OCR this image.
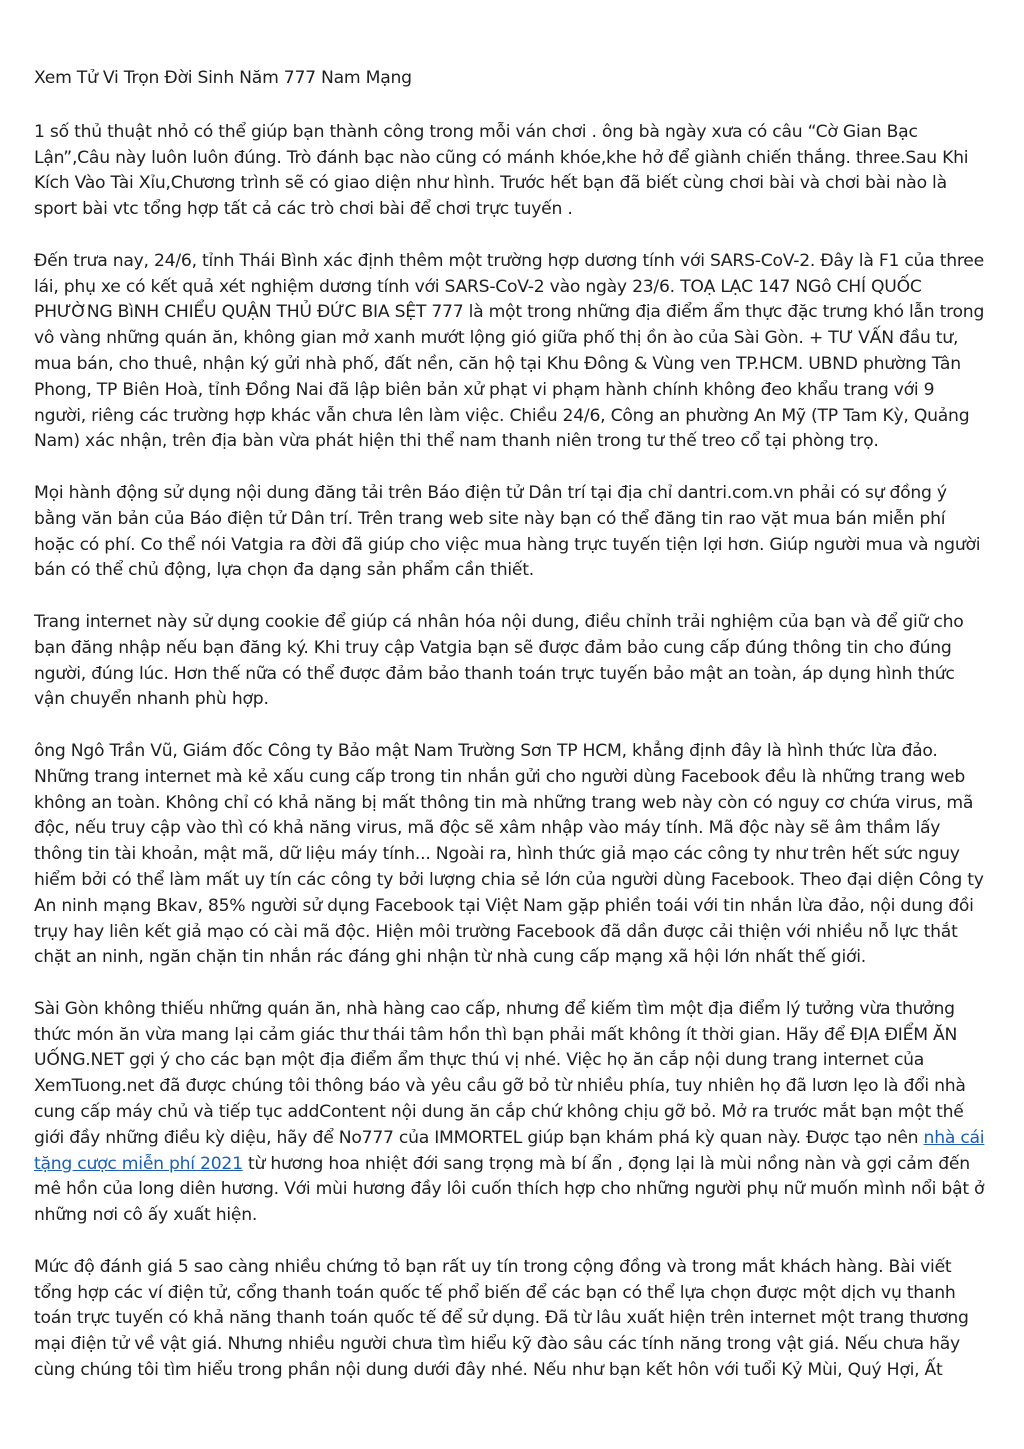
Xem Tử Vi Trọn Đời Sinh Năm 777 Nam Mạng

1 số thủ thuật nhỏ có thể giúp bạn thành công trong mỗi ván chơi . ông bà ngày xưa có câu “Cờ Gian Bạc Lận”,Câu này luôn luôn đúng. Trò đánh bạc nào cũng có mánh khóe,khe hở để giành chiến thắng. three.Sau Khi Kích Vào Tài Xỉu,Chương trình sẽ có giao diện như hình. Trước hết bạn đã biết cùng chơi bài và chơi bài nào là sport bài vtc tổng hợp tất cả các trò chơi bài để chơi trực tuyến .

Đến trưa nay, 24/6, tỉnh Thái Bình xác định thêm một trường hợp dương tính với SARS-CoV-2. Đây là F1 của three lái, phụ xe có kết quả xét nghiệm dương tính với SARS-CoV-2 vào ngày 23/6. TOẠ LẠC 147 NGô CHÍ QUỐC PHƯỜNG BìNH CHIỂU QUẬN THỦ ĐỨC BIA SỆT 777 là một trong những địa điểm ẩm thực đặc trưng khó lẫn trong vô vàng những quán ăn, không gian mở xanh mướt lộng gió giữa phố thị ồn ào của Sài Gòn. + TƯ VẤN đầu tư, mua bán, cho thuê, nhận ký gửi nhà phố, đất nền, căn hộ tại Khu Đông & Vùng ven TP.HCM. UBND phường Tân Phong, TP Biên Hoà, tỉnh Đồng Nai đã lập biên bản xử phạt vi phạm hành chính không đeo khẩu trang với 9 người, riêng các trường hợp khác vẫn chưa lên làm việc. Chiều 24/6, Công an phường An Mỹ (TP Tam Kỳ, Quảng Nam) xác nhận, trên địa bàn vừa phát hiện thi thể nam thanh niên trong tư thế treo cổ tại phòng trọ.

Mọi hành động sử dụng nội dung đăng tải trên Báo điện tử Dân trí tại địa chỉ dantri.com.vn phải có sự đồng ý bằng văn bản của Báo điện tử Dân trí. Trên trang web site này bạn có thể đăng tin rao vặt mua bán miễn phí hoặc có phí. Co thể nói Vatgia ra đời đã giúp cho việc mua hàng trực tuyến tiện lợi hơn. Giúp người mua và người bán có thể chủ động, lựa chọn đa dạng sản phẩm cần thiết.

Trang internet này sử dụng cookie để giúp cá nhân hóa nội dung, điều chỉnh trải nghiệm của bạn và để giữ cho bạn đăng nhập nếu bạn đăng ký. Khi truy cập Vatgia bạn sẽ được đảm bảo cung cấp đúng thông tin cho đúng người, đúng lúc. Hơn thế nữa có thể được đảm bảo thanh toán trực tuyến bảo mật an toàn, áp dụng hình thức vận chuyển nhanh phù hợp.

ông Ngô Trần Vũ, Giám đốc Công ty Bảo mật Nam Trường Sơn TP HCM, khẳng định đây là hình thức lừa đảo. Những trang internet mà kẻ xấu cung cấp trong tin nhắn gửi cho người dùng Facebook đều là những trang web không an toàn. Không chỉ có khả năng bị mất thông tin mà những trang web này còn có nguy cơ chứa virus, mã độc, nếu truy cập vào thì có khả năng virus, mã độc sẽ xâm nhập vào máy tính. Mã độc này sẽ âm thầm lấy thông tin tài khoản, mật mã, dữ liệu máy tính... Ngoài ra, hình thức giả mạo các công ty như trên hết sức nguy hiểm bởi có thể làm mất uy tín các công ty bởi lượng chia sẻ lớn của người dùng Facebook. Theo đại diện Công ty An ninh mạng Bkav, 85% người sử dụng Facebook tại Việt Nam gặp phiền toái với tin nhắn lừa đảo, nội dung đồi trụy hay liên kết giả mạo có cài mã độc. Hiện môi trường Facebook đã dần được cải thiện với nhiều nỗ lực thắt chặt an ninh, ngăn chặn tin nhắn rác đáng ghi nhận từ nhà cung cấp mạng xã hội lớn nhất thế giới.

Sài Gòn không thiếu những quán ăn, nhà hàng cao cấp, nhưng để kiếm tìm một địa điểm lý tưởng vừa thưởng thức món ăn vừa mang lại cảm giác thư thái tâm hồn thì bạn phải mất không ít thời gian. Hãy để ĐỊA ĐIỂM ĂN UỐNG.NET gợi ý cho các bạn một địa điểm ẩm thực thú vị nhé. Việc họ ăn cắp nội dung trang internet của XemTuong.net đã được chúng tôi thông báo và yêu cầu gỡ bỏ từ nhiều phía, tuy nhiên họ đã lươn lẹo là đổi nhà cung cấp máy chủ và tiếp tục addContent nội dung ăn cắp chứ không chịu gỡ bỏ. Mở ra trước mắt bạn một thế giới đầy những điều kỳ diệu, hãy để No777 của IMMORTEL giúp bạn khám phá kỳ quan này. Được tạo nên nhà cái tặng cược miễn phí 2021 từ hương hoa nhiệt đới sang trọng mà bí ẩn , đọng lại là mùi nồng nàn và gợi cảm đến mê hồn của long diên hương. Với mùi hương đầy lôi cuốn thích hợp cho những người phụ nữ muốn mình nổi bật ở những nơi cô ấy xuất hiện.

Mức độ đánh giá 5 sao càng nhiều chứng tỏ bạn rất uy tín trong cộng đồng và trong mắt khách hàng. Bài viết tổng hợp các ví điện tử, cổng thanh toán quốc tế phổ biến để các bạn có thể lựa chọn được một dịch vụ thanh toán trực tuyến có khả năng thanh toán quốc tế để sử dụng. Đã từ lâu xuất hiện trên internet một trang thương mại điện tử về vật giá. Nhưng nhiều người chưa tìm hiểu kỹ đào sâu các tính năng trong vật giá. Nếu chưa hãy cùng chúng tôi tìm hiểu trong phần nội dung dưới đây nhé. Nếu như bạn kết hôn với tuổi Kỷ Mùi, Quý Hợi, Ất
